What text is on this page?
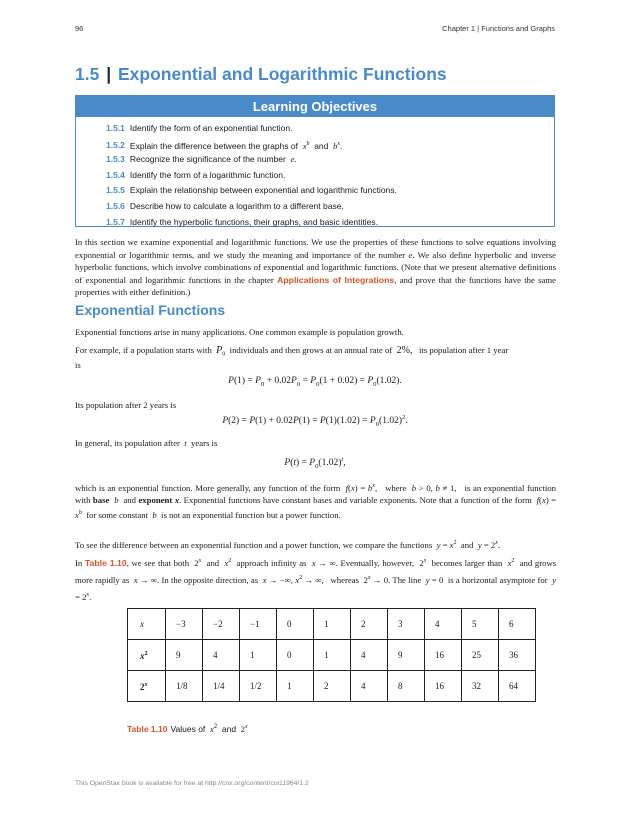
96	Chapter 1 | Functions and Graphs
1.5 | Exponential and Logarithmic Functions
Learning Objectives
1.5.1 Identify the form of an exponential function.
1.5.2 Explain the difference between the graphs of $x^b$ and $b^x$.
1.5.3 Recognize the significance of the number e.
1.5.4 Identify the form of a logarithmic function.
1.5.5 Explain the relationship between exponential and logarithmic functions.
1.5.6 Describe how to calculate a logarithm to a different base.
1.5.7 Identify the hyperbolic functions, their graphs, and basic identities.
In this section we examine exponential and logarithmic functions. We use the properties of these functions to solve equations involving exponential or logarithmic terms, and we study the meaning and importance of the number e. We also define hyperbolic and inverse hyperbolic functions, which involve combinations of exponential and logarithmic functions. (Note that we present alternative definitions of exponential and logarithmic functions in the chapter Applications of Integrations, and prove that the functions have the same properties with either definition.)
Exponential Functions
Exponential functions arise in many applications. One common example is population growth.
For example, if a population starts with $P_0$ individuals and then grows at an annual rate of 2%, its population after 1 year
is
$P(1) = P_0 + 0.02P_0 = P_0(1 + 0.02) = P_0(1.02)$.
Its population after 2 years is
$P(2) = P(1) + 0.02P(1) = P(1)(1.02) = P_0(1.02)^2$.
In general, its population after t years is
$P(t) = P_0(1.02)^t$,
which is an exponential function. More generally, any function of the form $f(x) = b^x$,   where b > 0, b ≠ 1,   is an exponential function with base b and exponent x. Exponential functions have constant bases and variable exponents. Note that a function of the form $f(x) = x^b$ for some constant b is not an exponential function but a power function.
To see the difference between an exponential function and a power function, we compare the functions $y = x^2$ and $y = 2^x$.
In Table 1.10, we see that both  2$^x$ and $x^2$ approach infinity as x → ∞. Eventually, however,  2$^x$ becomes larger than $x^2$ and grows more rapidly as x → ∞. In the opposite direction, as x → −∞, $x^2$ → ∞,   whereas  $2^x \to 0$. The line y = 0  is a horizontal asymptote for $y = 2^x$.
x	−3	−2	−1	0	1	2	3	4	5	6
$x^2$	9	4	1	0	1	4	9	16	25	36
2$^x$	1/8	1/4	1/2	1	2	4	8	16	32	64
Table 1.10 Values of $x^2$ and 2$^x$
This OpenStax book is available for free at http://cnx.org/content/col11964/1.2
